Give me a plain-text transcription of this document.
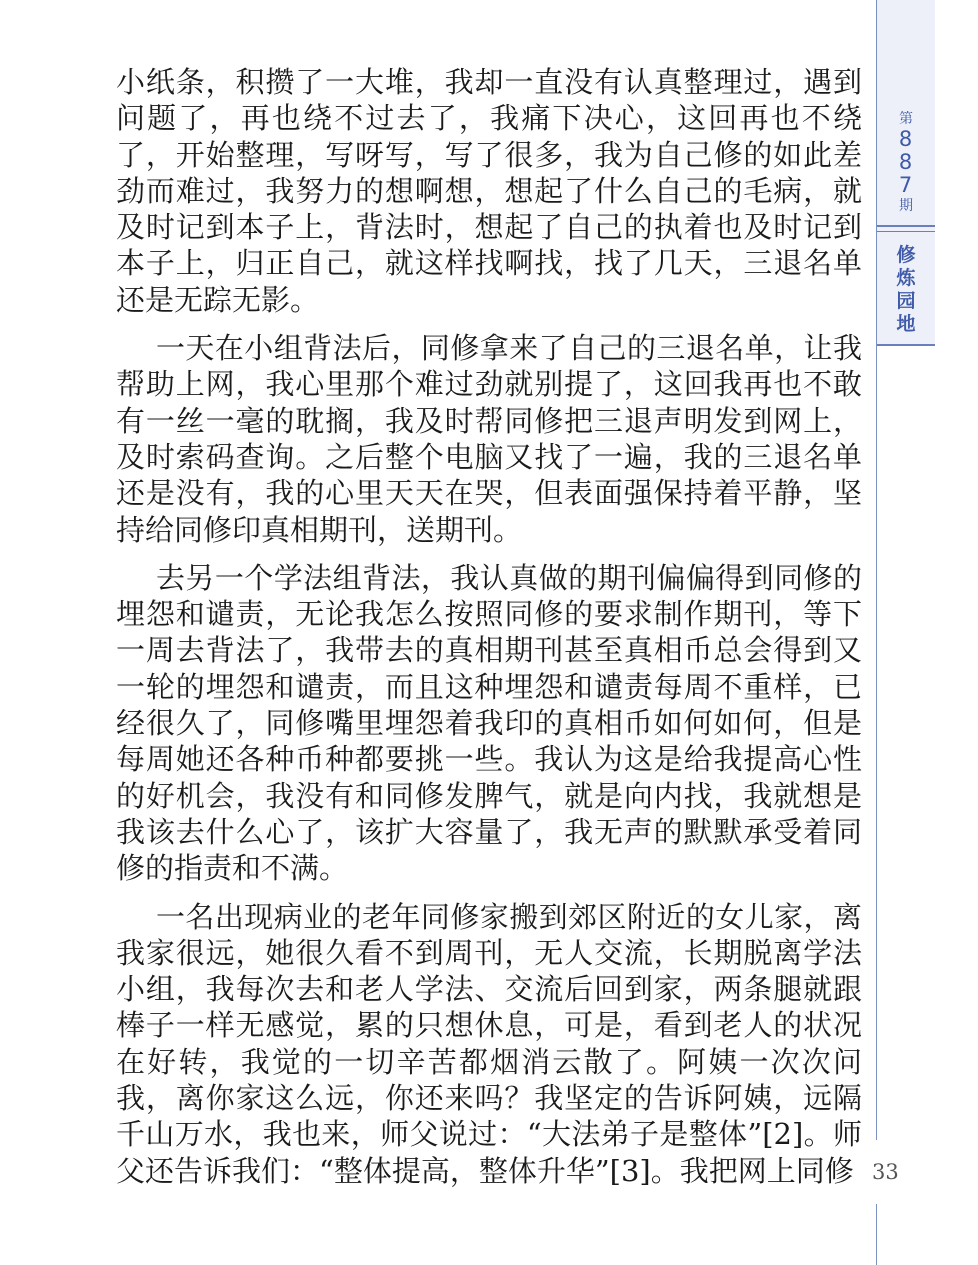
小纸条，积攒了一大堆，我却一直没有认真整理过，遇到问题了，再也绕不过去了，我痛下决心，这回再也不绕了，开始整理，写呀写，写了很多，我为自己修的如此差劲而难过，我努力的想啊想，想起了什么自己的毛病，就及时记到本子上，背法时，想起了自己的执着也及时记到本子上，归正自己，就这样找啊找，找了几天，三退名单还是无踪无影。

一天在小组背法后，同修拿来了自己的三退名单，让我帮助上网，我心里那个难过劲就别提了，这回我再也不敢有一丝一毫的耽搁，我及时帮同修把三退声明发到网上，及时索码查询。之后整个电脑又找了一遍，我的三退名单还是没有，我的心里天天在哭，但表面强保持着平静，坚持给同修印真相期刊，送期刊。

去另一个学法组背法，我认真做的期刊偏偏得到同修的埋怨和谴责，无论我怎么按照同修的要求制作期刊，等下一周去背法了，我带去的真相期刊甚至真相币总会得到又一轮的埋怨和谴责，而且这种埋怨和谴责每周不重样，已经很久了，同修嘴里埋怨着我印的真相币如何如何，但是每周她还各种币种都要挑一些。我认为这是给我提高心性的好机会，我没有和同修发脾气，就是向内找，我就想是我该去什么心了，该扩大容量了，我无声的默默承受着同修的指责和不满。

一名出现病业的老年同修家搬到郊区附近的女儿家，离我家很远，她很久看不到周刊，无人交流，长期脱离学法小组，我每次去和老人学法、交流后回到家，两条腿就跟棒子一样无感觉，累的只想休息，可是，看到老人的状况在好转，我觉的一切辛苦都烟消云散了。阿姨一次次问我，离你家这么远，你还来吗？我坚定的告诉阿姨，远隔千山万水，我也来，师父说过：“大法弟子是整体”[2]。师父还告诉我们：“整体提高，整体升华”[3]。我把网上同修

第
8
8
7
期
修
炼
园
地
33
